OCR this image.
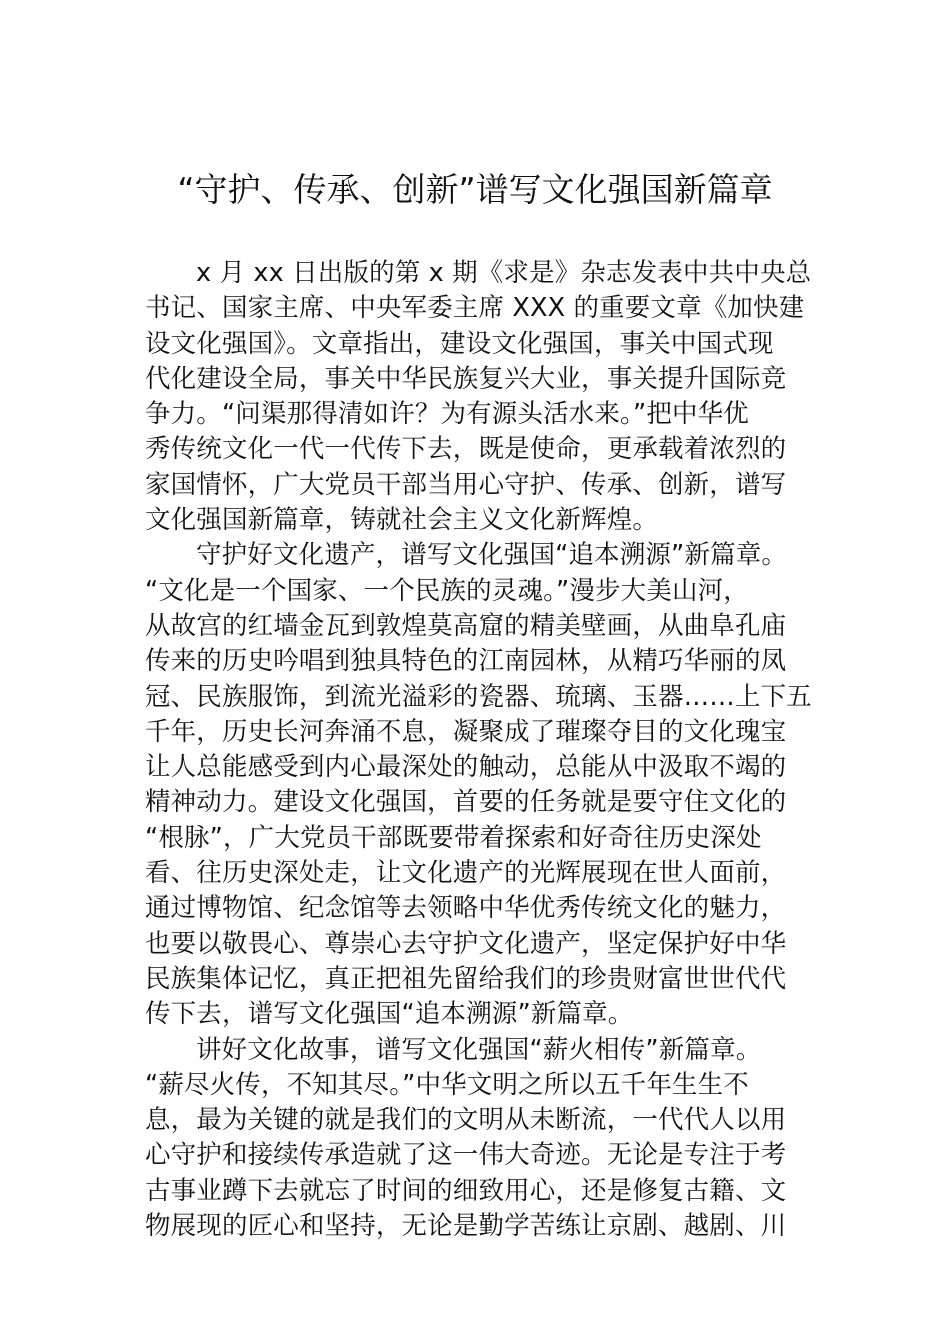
“守护、传承、创新”谱写文化强国新篇章
x 月 xx 日出版的第 x 期《求是》杂志发表中共中央总
书记、国家主席、中央军委主席 XXX 的重要文章《加快建
设文化强国》。文章指出，建设文化强国，事关中国式现
代化建设全局，事关中华民族复兴大业，事关提升国际竞
争力。“问渠那得清如许？为有源头活水来。”把中华优
秀传统文化一代一代传下去，既是使命，更承载着浓烈的
家国情怀，广大党员干部当用心守护、传承、创新，谱写
文化强国新篇章，铸就社会主义文化新辉煌。
守护好文化遗产，谱写文化强国“追本溯源”新篇章。
“文化是一个国家、一个民族的灵魂。”漫步大美山河，
从故宫的红墙金瓦到敦煌莫高窟的精美壁画，从曲阜孔庙
传来的历史吟唱到独具特色的江南园林，从精巧华丽的凤
冠、民族服饰，到流光溢彩的瓷器、琉璃、玉器……上下五
千年，历史长河奔涌不息，凝聚成了璀璨夺目的文化瑰宝
让人总能感受到内心最深处的触动，总能从中汲取不竭的
精神动力。建设文化强国，首要的任务就是要守住文化的
“根脉”，广大党员干部既要带着探索和好奇往历史深处
看、往历史深处走，让文化遗产的光辉展现在世人面前，
通过博物馆、纪念馆等去领略中华优秀传统文化的魅力，
也要以敬畏心、尊崇心去守护文化遗产，坚定保护好中华
民族集体记忆，真正把祖先留给我们的珍贵财富世世代代
传下去，谱写文化强国“追本溯源”新篇章。
讲好文化故事，谱写文化强国“薪火相传”新篇章。
“薪尽火传，不知其尽。”中华文明之所以五千年生生不
息，最为关键的就是我们的文明从未断流，一代代人以用
心守护和接续传承造就了这一伟大奇迹。无论是专注于考
古事业蹲下去就忘了时间的细致用心，还是修复古籍、文
物展现的匠心和坚持，无论是勤学苦练让京剧、越剧、川
